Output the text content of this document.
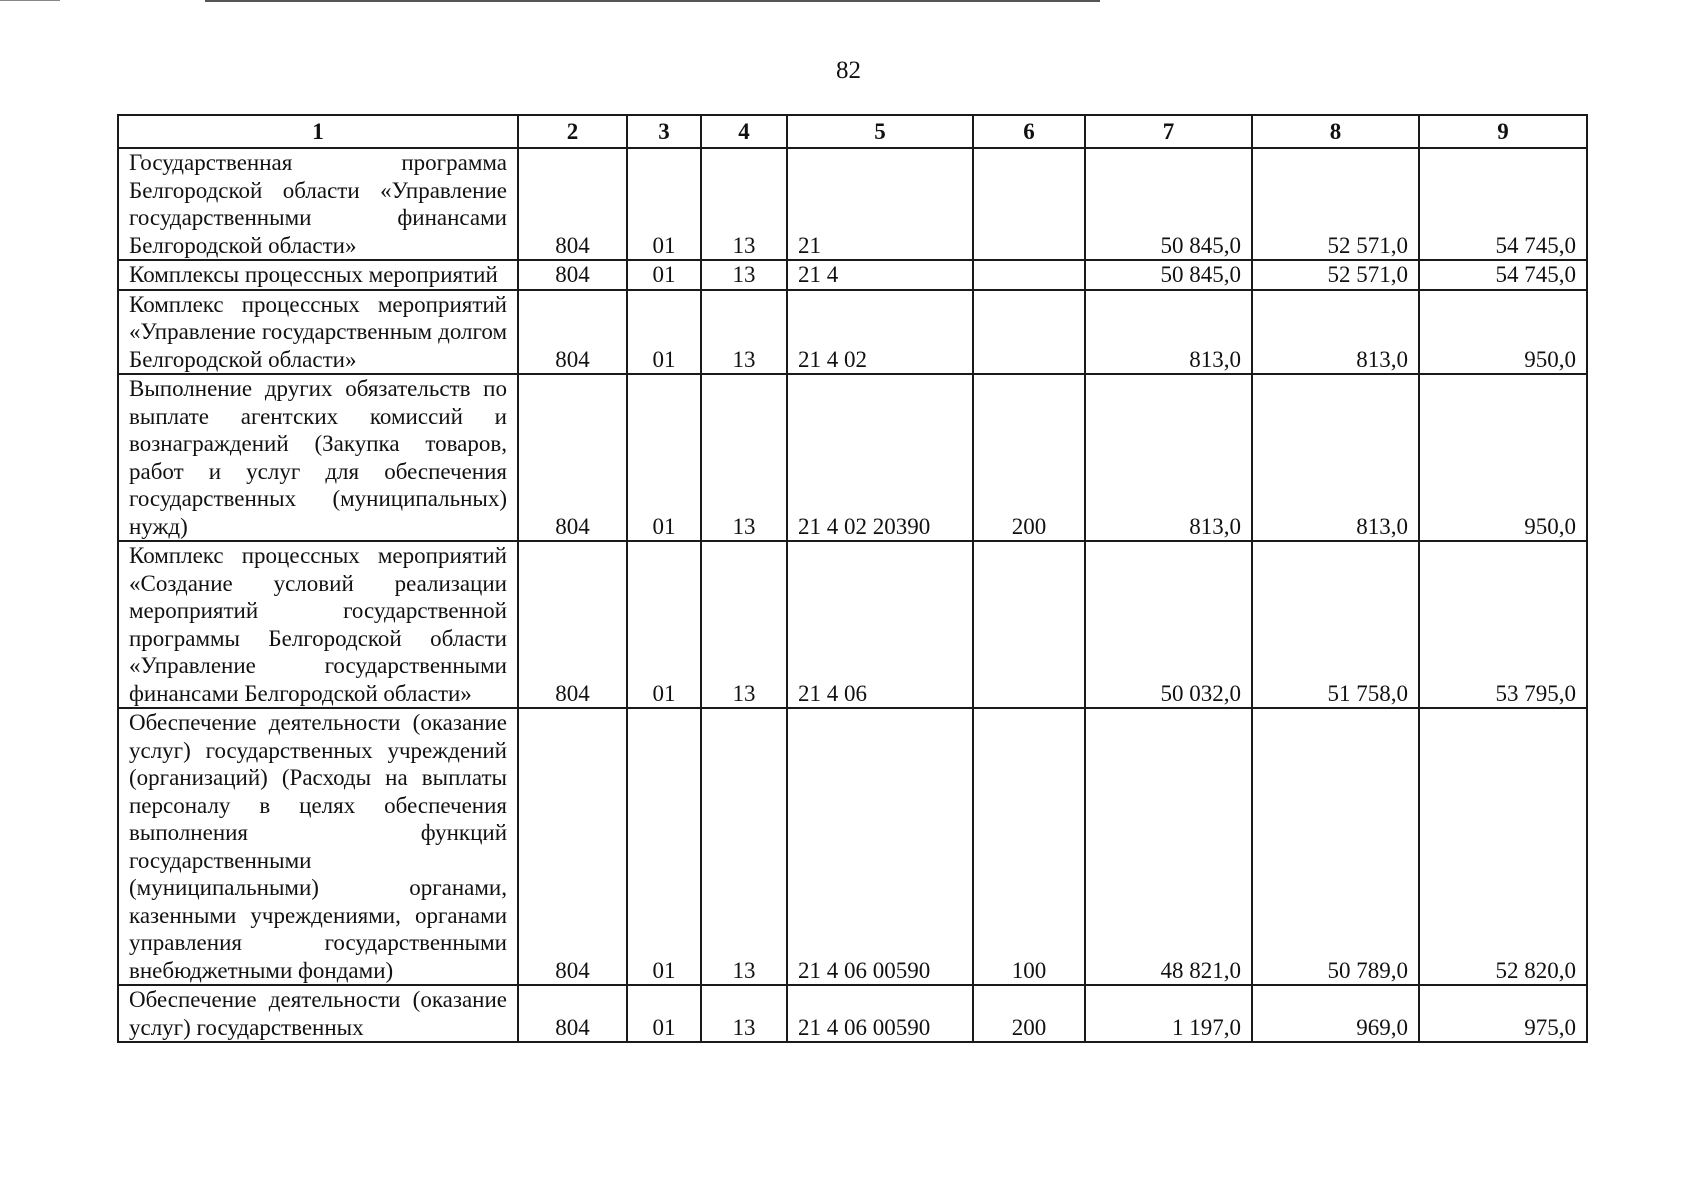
82
1	2	3	4	5	6	7	8	9
Государственная программа Белгородской области «Управление государственными финансами Белгородской области»	804	01	13	21		50 845,0	52 571,0	54 745,0
Комплексы процессных мероприятий	804	01	13	21 4		50 845,0	52 571,0	54 745,0
Комплекс процессных мероприятий «Управление государственным долгом Белгородской области»	804	01	13	21 4 02		813,0	813,0	950,0
Выполнение других обязательств по выплате агентских комиссий и вознаграждений (Закупка товаров, работ и услуг для обеспечения государственных (муниципальных) нужд)	804	01	13	21 4 02 20390	200	813,0	813,0	950,0
Комплекс процессных мероприятий «Создание условий реализации мероприятий государственной программы Белгородской области «Управление государственными финансами Белгородской области»	804	01	13	21 4 06		50 032,0	51 758,0	53 795,0
Обеспечение деятельности (оказание услуг) государственных учреждений (организаций) (Расходы на выплаты персоналу в целях обеспечения выполнения функций государственными (муниципальными) органами, казенными учреждениями, органами управления государственными внебюджетными фондами)	804	01	13	21 4 06 00590	100	48 821,0	50 789,0	52 820,0
Обеспечение деятельности (оказание услуг) государственных	804	01	13	21 4 06 00590	200	1 197,0	969,0	975,0
